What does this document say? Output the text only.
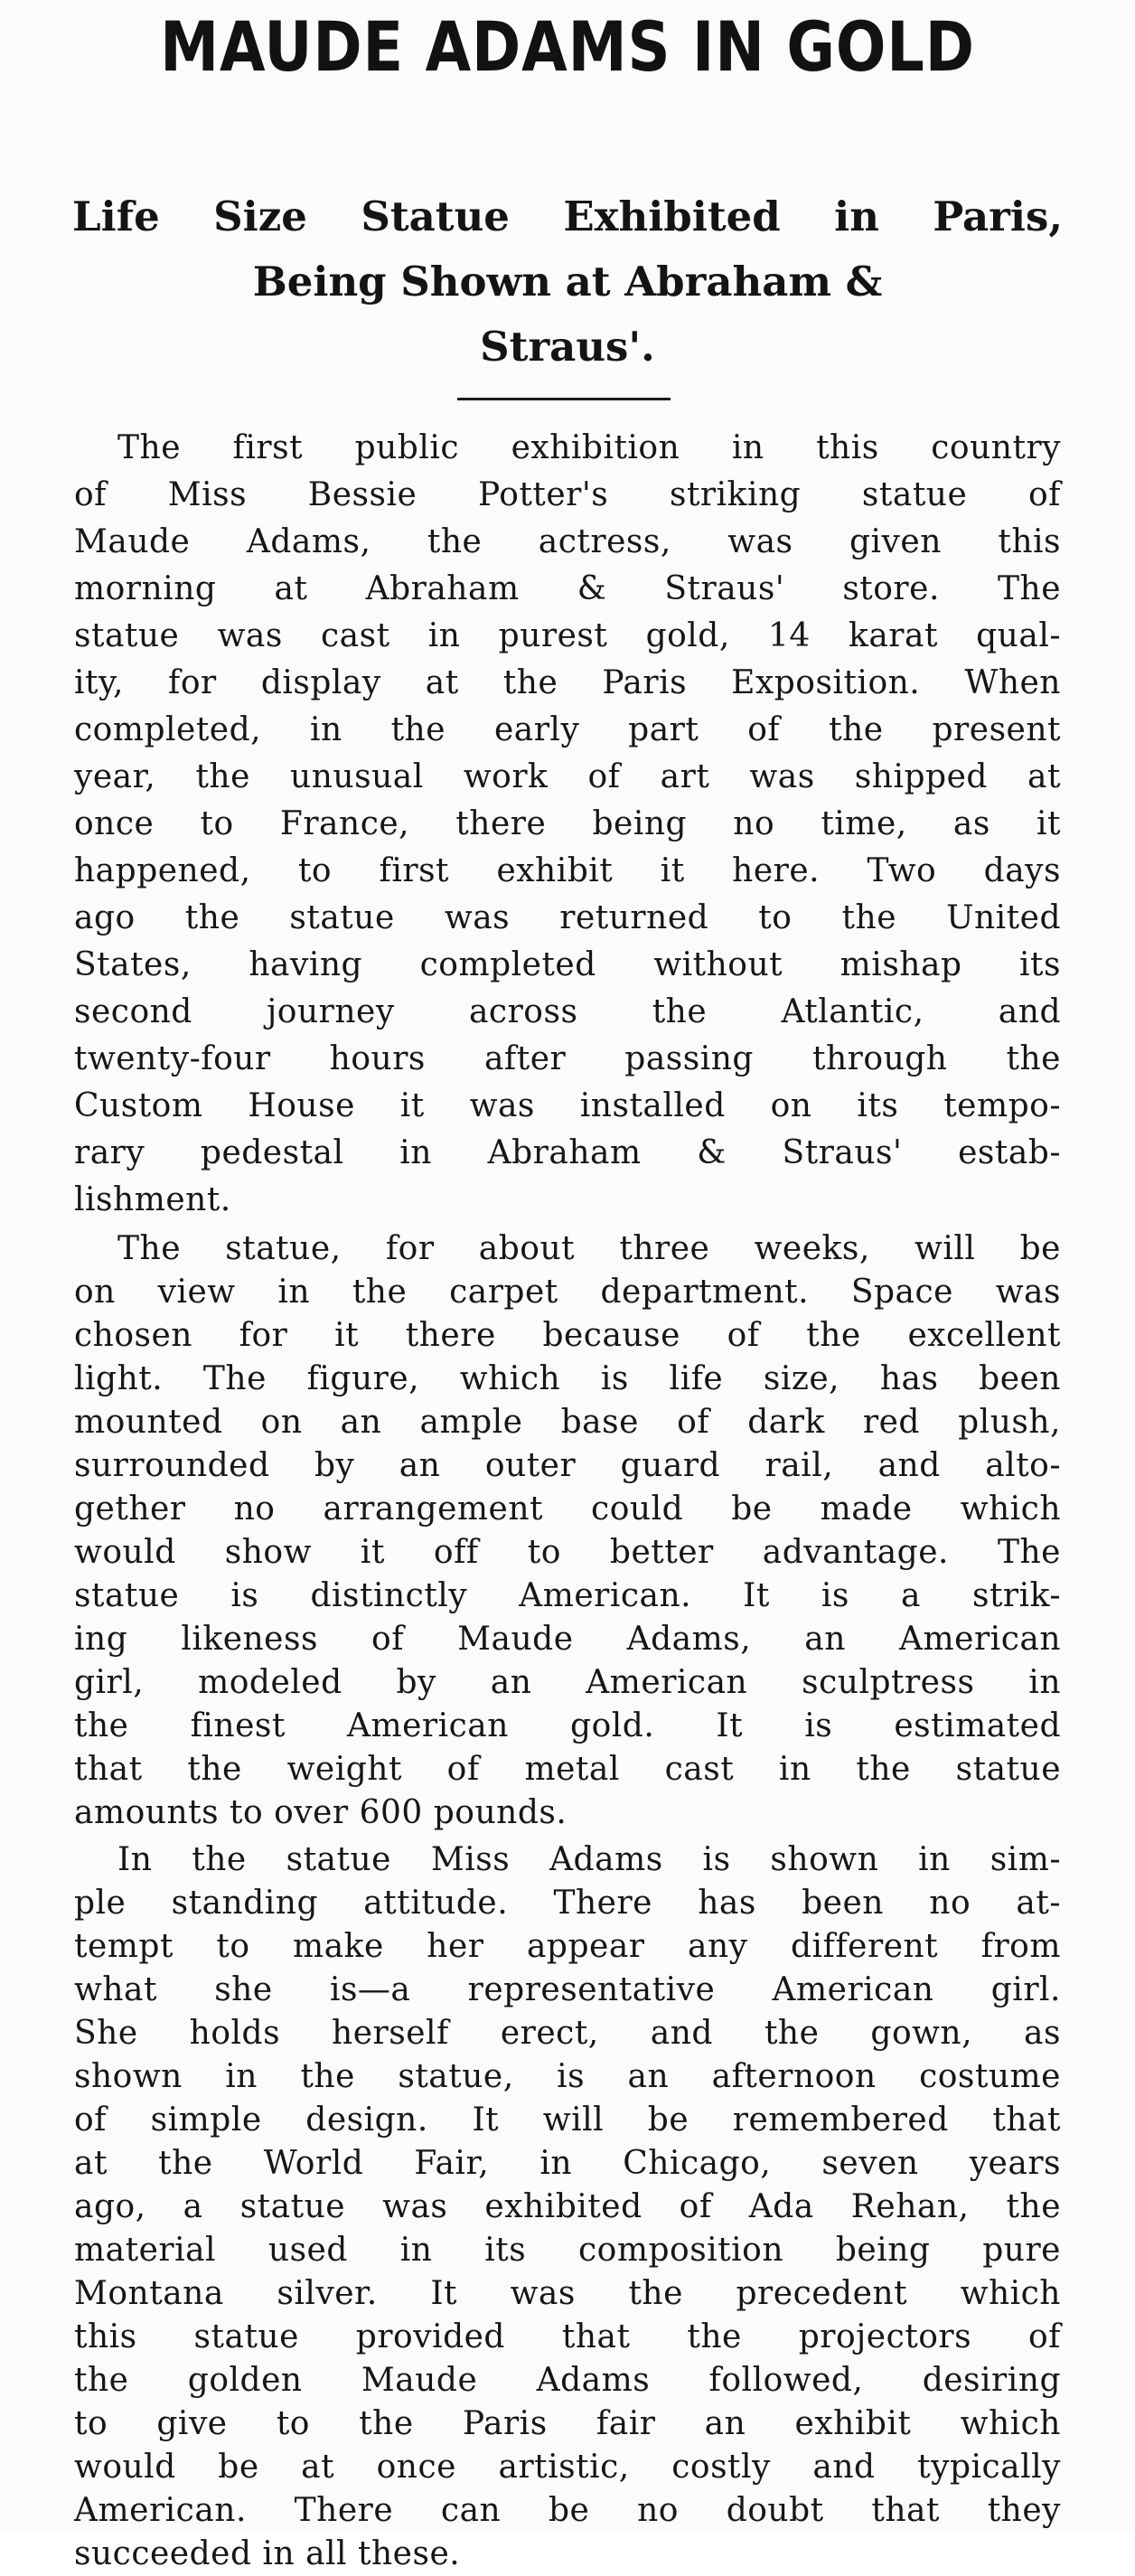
MAUDE ADAMS IN GOLD
Life Size Statue Exhibited in Paris,
Being Shown at Abraham &
Straus'.
The first public exhibition in this country
of Miss Bessie Potter's striking statue of
Maude Adams, the actress, was given this
morning at Abraham & Straus' store. The
statue was cast in purest gold, 14 karat qual-
ity, for display at the Paris Exposition. When
completed, in the early part of the present
year, the unusual work of art was shipped at
once to France, there being no time, as it
happened, to first exhibit it here. Two days
ago the statue was returned to the United
States, having completed without mishap its
second journey across the Atlantic, and
twenty-four hours after passing through the
Custom House it was installed on its tempo-
rary pedestal in Abraham & Straus' estab-
lishment.
The statue, for about three weeks, will be
on view in the carpet department. Space was
chosen for it there because of the excellent
light. The figure, which is life size, has been
mounted on an ample base of dark red plush,
surrounded by an outer guard rail, and alto-
gether no arrangement could be made which
would show it off to better advantage. The
statue is distinctly American. It is a strik-
ing likeness of Maude Adams, an American
girl, modeled by an American sculptress in
the finest American gold. It is estimated
that the weight of metal cast in the statue
amounts to over 600 pounds.
In the statue Miss Adams is shown in sim-
ple standing attitude. There has been no at-
tempt to make her appear any different from
what she is—a representative American girl.
She holds herself erect, and the gown, as
shown in the statue, is an afternoon costume
of simple design. It will be remembered that
at the World Fair, in Chicago, seven years
ago, a statue was exhibited of Ada Rehan, the
material used in its composition being pure
Montana silver. It was the precedent which
this statue provided that the projectors of
the golden Maude Adams followed, desiring
to give to the Paris fair an exhibit which
would be at once artistic, costly and typically
American. There can be no doubt that they
succeeded in all these.
